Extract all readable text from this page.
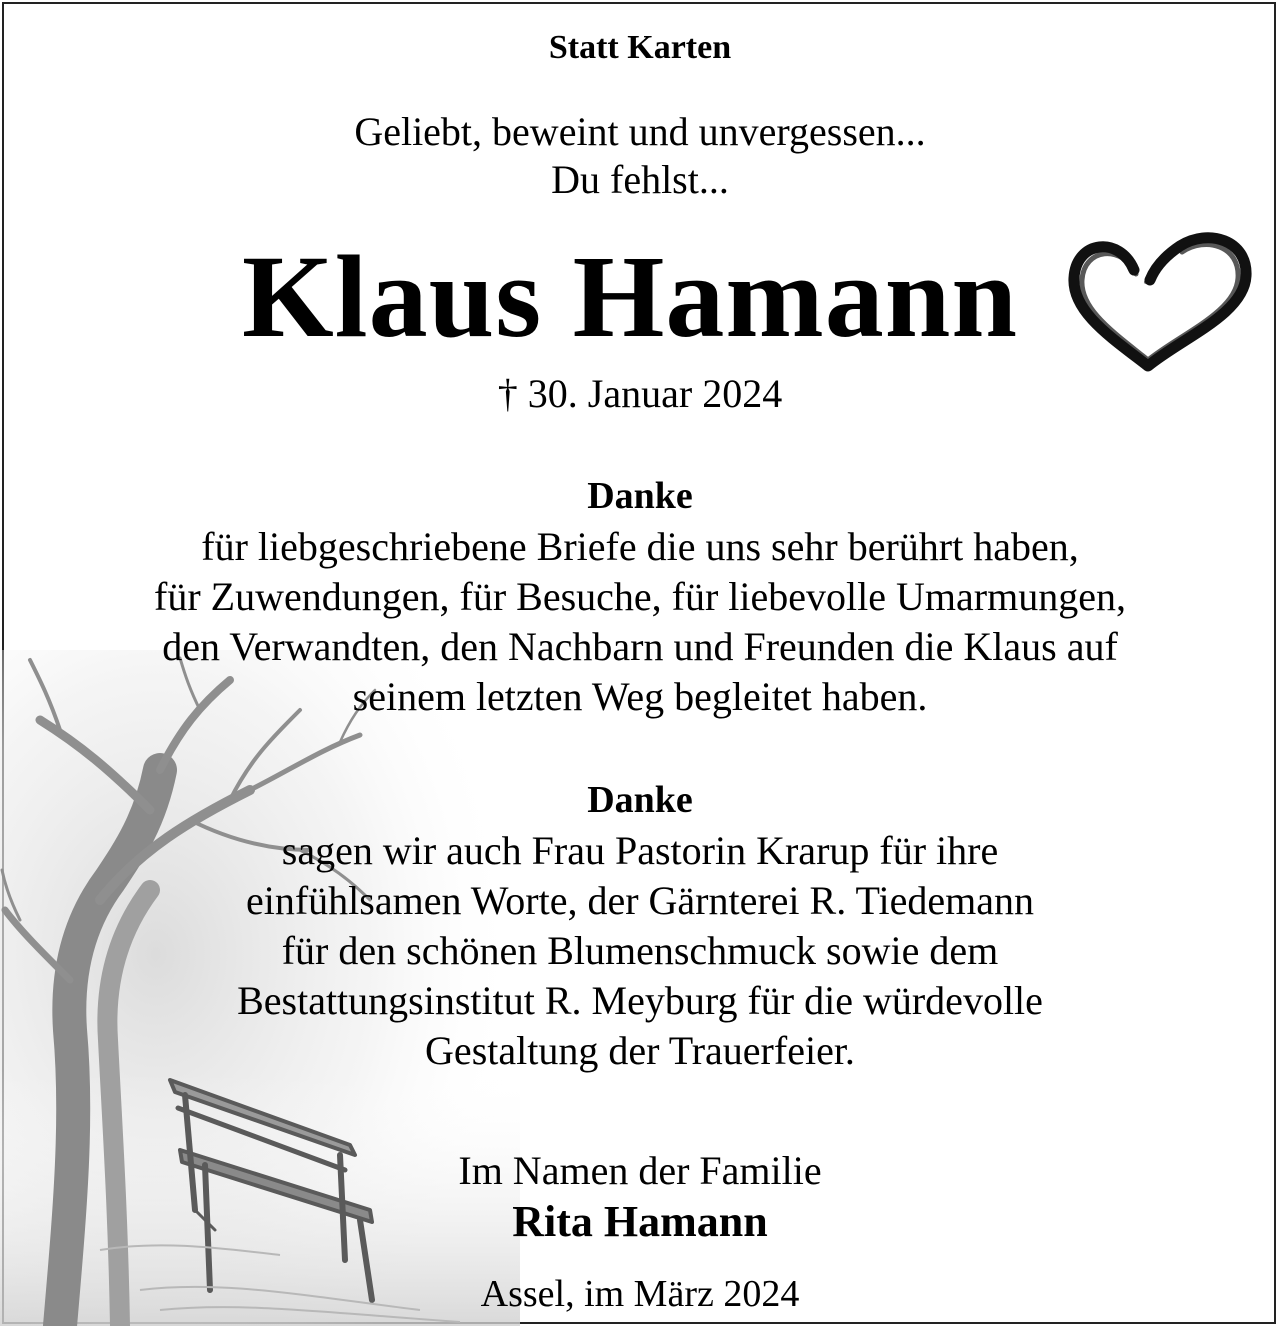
Statt Karten
Geliebt, beweint und unvergessen...
Du fehlst...
Klaus Hamann
† 30. Januar 2024
Danke
für liebgeschriebene Briefe die uns sehr berührt haben,
für Zuwendungen, für Besuche, für liebevolle Umarmungen,
den Verwandten, den Nachbarn und Freunden die Klaus auf
seinem letzten Weg begleitet haben.
Danke
sagen wir auch Frau Pastorin Krarup für ihre
einfühlsamen Worte, der Gärnterei R. Tiedemann
für den schönen Blumenschmuck sowie dem
Bestattungsinstitut R. Meyburg für die würdevolle
Gestaltung der Trauerfeier.
Im Namen der Familie
Rita Hamann
Assel, im März 2024
